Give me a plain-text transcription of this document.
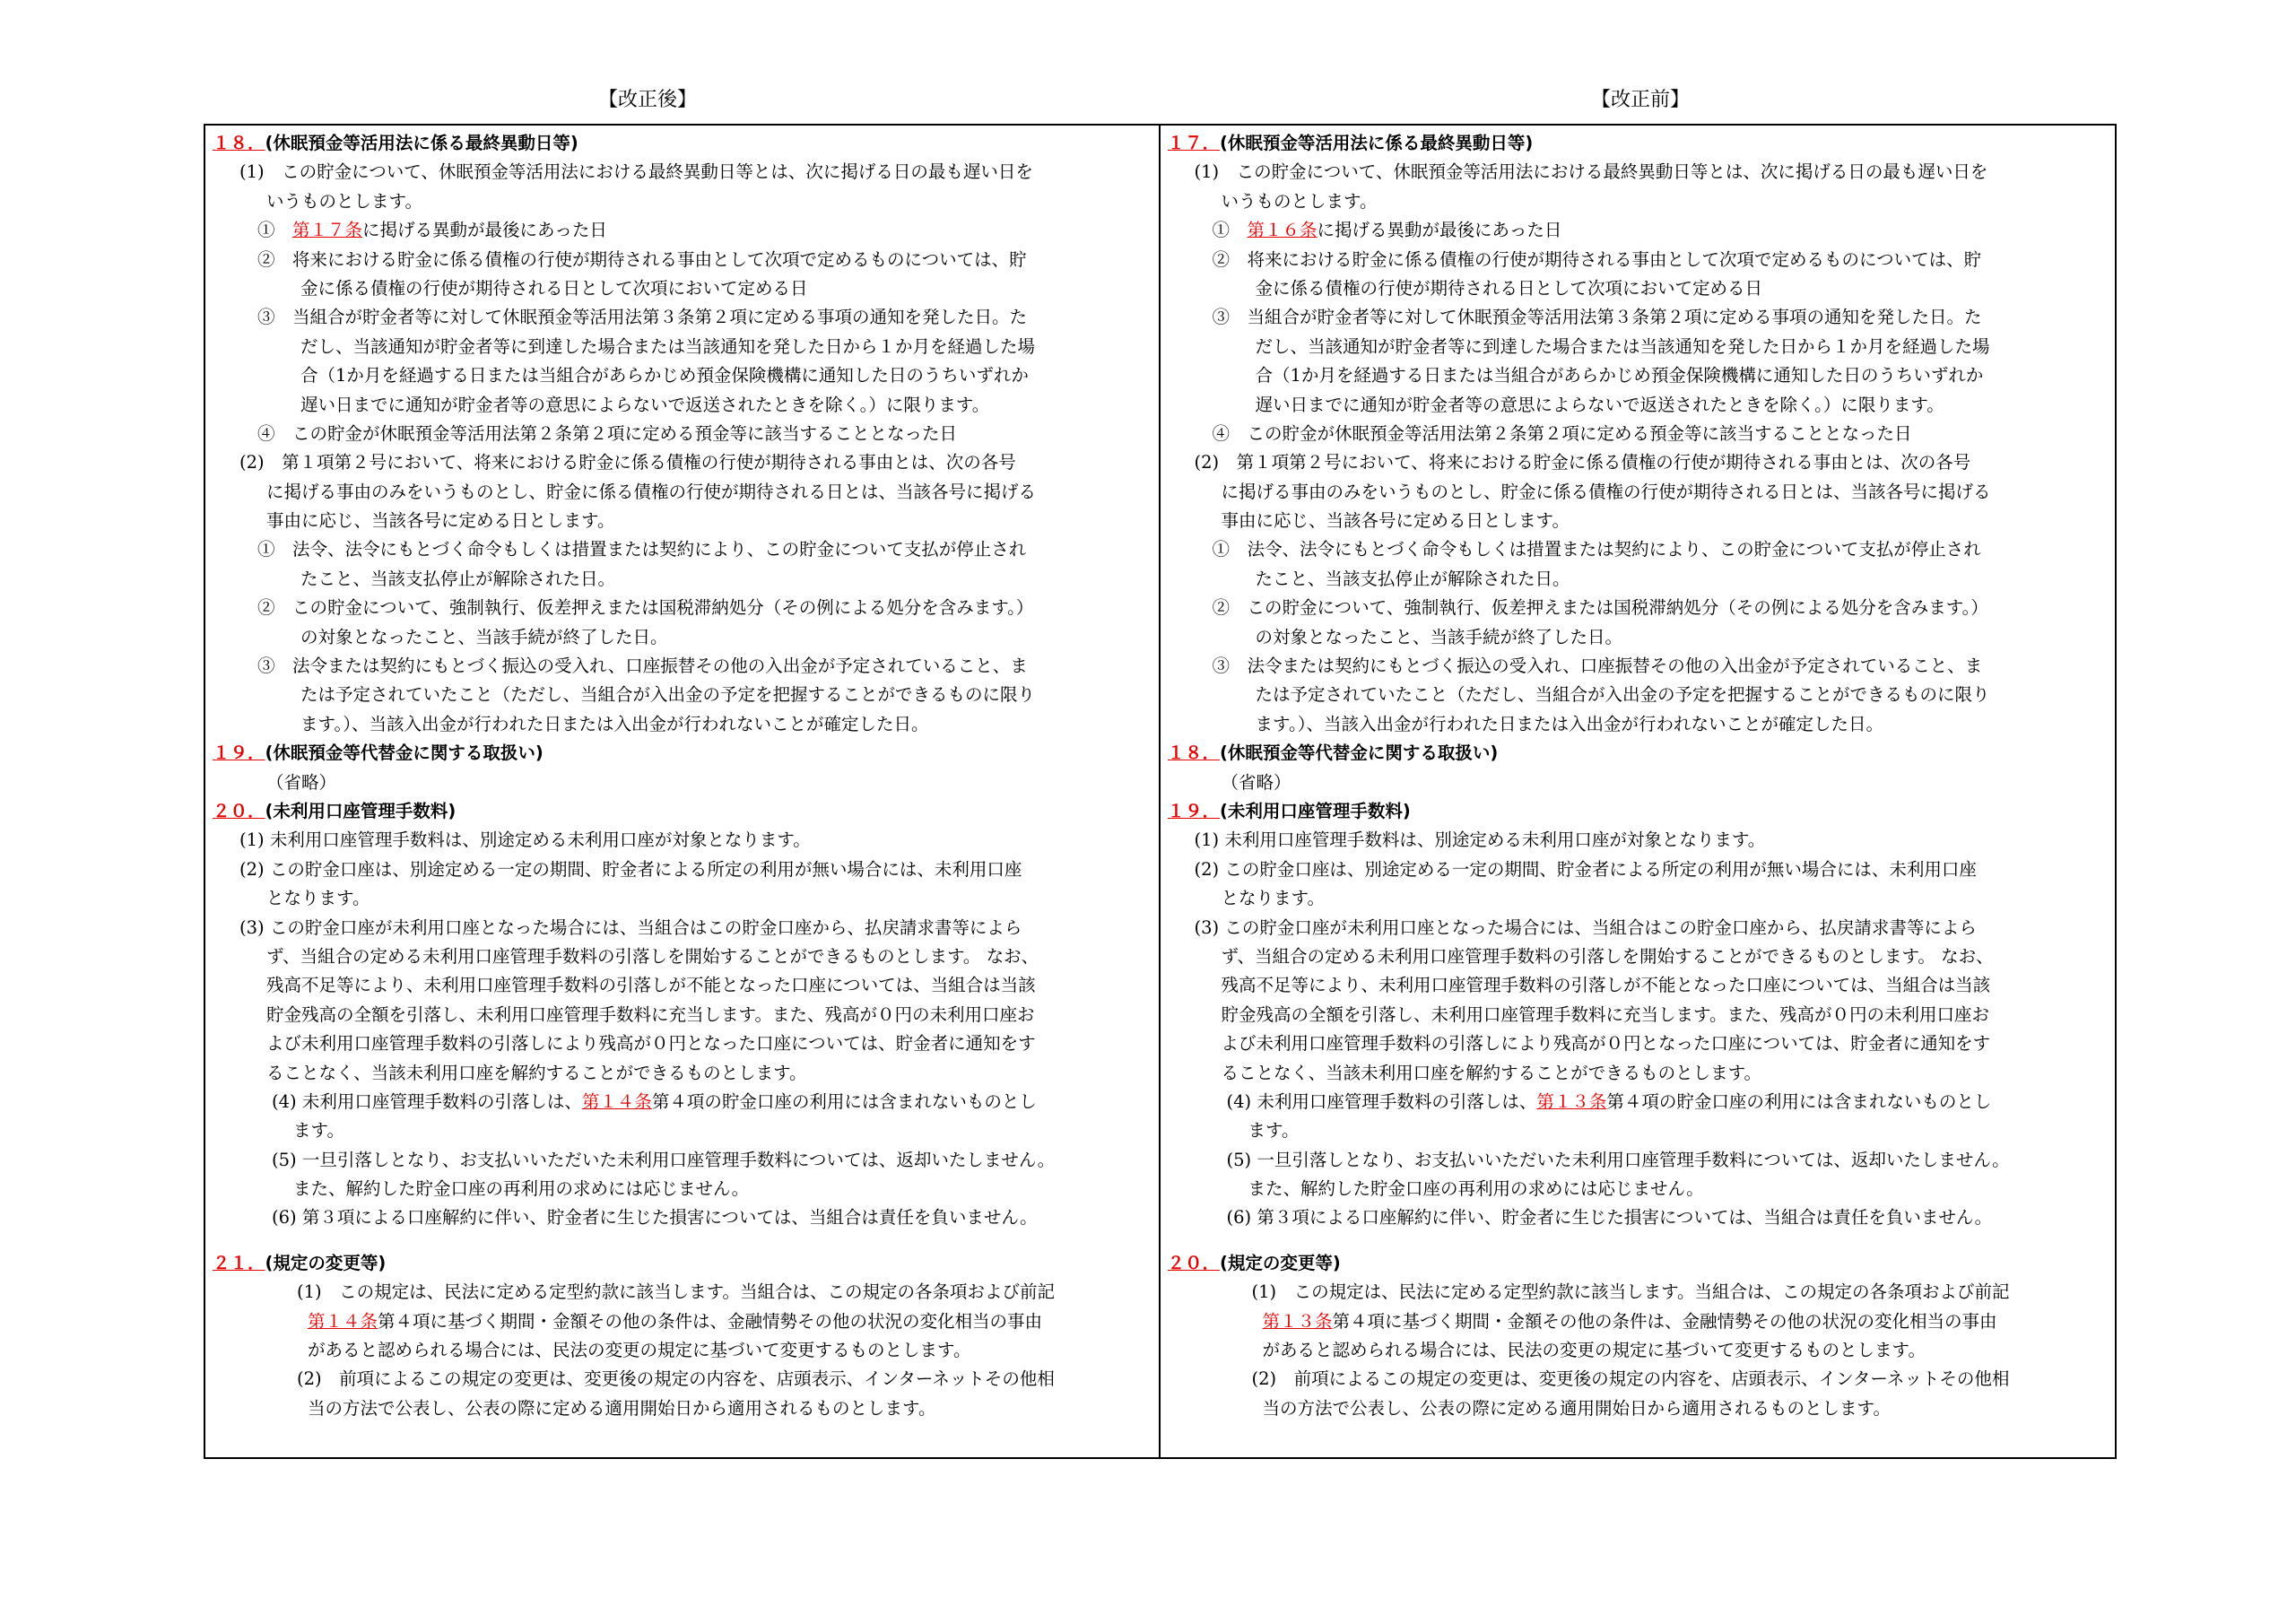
【改正後】	【改正前】
１８．(休眠預金等活用法に係る最終異動日等)
(1)　この貯金について、休眠預金等活用法における最終異動日等とは、次に掲げる日の最も遅い日を
いうものとします。
①　第１７条に掲げる異動が最後にあった日
②　将来における貯金に係る債権の行使が期待される事由として次項で定めるものについては、貯
金に係る債権の行使が期待される日として次項において定める日
③　当組合が貯金者等に対して休眠預金等活用法第３条第２項に定める事項の通知を発した日。た
だし、当該通知が貯金者等に到達した場合または当該通知を発した日から１か月を経過した場
合（1か月を経過する日または当組合があらかじめ預金保険機構に通知した日のうちいずれか
遅い日までに通知が貯金者等の意思によらないで返送されたときを除く。）に限ります。
④　この貯金が休眠預金等活用法第２条第２項に定める預金等に該当することとなった日
(2)　第１項第２号において、将来における貯金に係る債権の行使が期待される事由とは、次の各号
に掲げる事由のみをいうものとし、貯金に係る債権の行使が期待される日とは、当該各号に掲げる
事由に応じ、当該各号に定める日とします。
①　法令、法令にもとづく命令もしくは措置または契約により、この貯金について支払が停止され
たこと、当該支払停止が解除された日。
②　この貯金について、強制執行、仮差押えまたは国税滞納処分（その例による処分を含みます。）
の対象となったこと、当該手続が終了した日。
③　法令または契約にもとづく振込の受入れ、口座振替その他の入出金が予定されていること、ま
たは予定されていたこと（ただし、当組合が入出金の予定を把握することができるものに限り
ます。）、当該入出金が行われた日または入出金が行われないことが確定した日。
１９．(休眠預金等代替金に関する取扱い)
（省略）
２０．(未利用口座管理手数料)
(1) 未利用口座管理手数料は、別途定める未利用口座が対象となります。
(2) この貯金口座は、別途定める一定の期間、貯金者による所定の利用が無い場合には、未利用口座
となります。
(3) この貯金口座が未利用口座となった場合には、当組合はこの貯金口座から、払戻請求書等によら
ず、当組合の定める未利用口座管理手数料の引落しを開始することができるものとします。 なお、
残高不足等により、未利用口座管理手数料の引落しが不能となった口座については、当組合は当該
貯金残高の全額を引落し、未利用口座管理手数料に充当します。また、残高が０円の未利用口座お
よび未利用口座管理手数料の引落しにより残高が０円となった口座については、貯金者に通知をす
ることなく、当該未利用口座を解約することができるものとします。
(4) 未利用口座管理手数料の引落しは、第１４条第４項の貯金口座の利用には含まれないものとし
ます。
(5) 一旦引落しとなり、お支払いいただいた未利用口座管理手数料については、返却いたしません。
また、解約した貯金口座の再利用の求めには応じません。
(6) 第３項による口座解約に伴い、貯金者に生じた損害については、当組合は責任を負いません。
２１．(規定の変更等)
(1)　この規定は、民法に定める定型約款に該当します。当組合は、この規定の各条項および前記
第１４条第４項に基づく期間・金額その他の条件は、金融情勢その他の状況の変化相当の事由
があると認められる場合には、民法の変更の規定に基づいて変更するものとします。
(2)　前項によるこの規定の変更は、変更後の規定の内容を、店頭表示、インターネットその他相
当の方法で公表し、公表の際に定める適用開始日から適用されるものとします。
１７．(休眠預金等活用法に係る最終異動日等)
(1)　この貯金について、休眠預金等活用法における最終異動日等とは、次に掲げる日の最も遅い日を
いうものとします。
①　第１６条に掲げる異動が最後にあった日
②　将来における貯金に係る債権の行使が期待される事由として次項で定めるものについては、貯
金に係る債権の行使が期待される日として次項において定める日
③　当組合が貯金者等に対して休眠預金等活用法第３条第２項に定める事項の通知を発した日。た
だし、当該通知が貯金者等に到達した場合または当該通知を発した日から１か月を経過した場
合（1か月を経過する日または当組合があらかじめ預金保険機構に通知した日のうちいずれか
遅い日までに通知が貯金者等の意思によらないで返送されたときを除く。）に限ります。
④　この貯金が休眠預金等活用法第２条第２項に定める預金等に該当することとなった日
(2)　第１項第２号において、将来における貯金に係る債権の行使が期待される事由とは、次の各号
に掲げる事由のみをいうものとし、貯金に係る債権の行使が期待される日とは、当該各号に掲げる
事由に応じ、当該各号に定める日とします。
①　法令、法令にもとづく命令もしくは措置または契約により、この貯金について支払が停止され
たこと、当該支払停止が解除された日。
②　この貯金について、強制執行、仮差押えまたは国税滞納処分（その例による処分を含みます。）
の対象となったこと、当該手続が終了した日。
③　法令または契約にもとづく振込の受入れ、口座振替その他の入出金が予定されていること、ま
たは予定されていたこと（ただし、当組合が入出金の予定を把握することができるものに限り
ます。）、当該入出金が行われた日または入出金が行われないことが確定した日。
１８．(休眠預金等代替金に関する取扱い)
（省略）
１９．(未利用口座管理手数料)
(1) 未利用口座管理手数料は、別途定める未利用口座が対象となります。
(2) この貯金口座は、別途定める一定の期間、貯金者による所定の利用が無い場合には、未利用口座
となります。
(3) この貯金口座が未利用口座となった場合には、当組合はこの貯金口座から、払戻請求書等によら
ず、当組合の定める未利用口座管理手数料の引落しを開始することができるものとします。 なお、
残高不足等により、未利用口座管理手数料の引落しが不能となった口座については、当組合は当該
貯金残高の全額を引落し、未利用口座管理手数料に充当します。また、残高が０円の未利用口座お
よび未利用口座管理手数料の引落しにより残高が０円となった口座については、貯金者に通知をす
ることなく、当該未利用口座を解約することができるものとします。
(4) 未利用口座管理手数料の引落しは、第１３条第４項の貯金口座の利用には含まれないものとし
ます。
(5) 一旦引落しとなり、お支払いいただいた未利用口座管理手数料については、返却いたしません。
また、解約した貯金口座の再利用の求めには応じません。
(6) 第３項による口座解約に伴い、貯金者に生じた損害については、当組合は責任を負いません。
２０．(規定の変更等)
(1)　この規定は、民法に定める定型約款に該当します。当組合は、この規定の各条項および前記
第１３条第４項に基づく期間・金額その他の条件は、金融情勢その他の状況の変化相当の事由
があると認められる場合には、民法の変更の規定に基づいて変更するものとします。
(2)　前項によるこの規定の変更は、変更後の規定の内容を、店頭表示、インターネットその他相
当の方法で公表し、公表の際に定める適用開始日から適用されるものとします。
